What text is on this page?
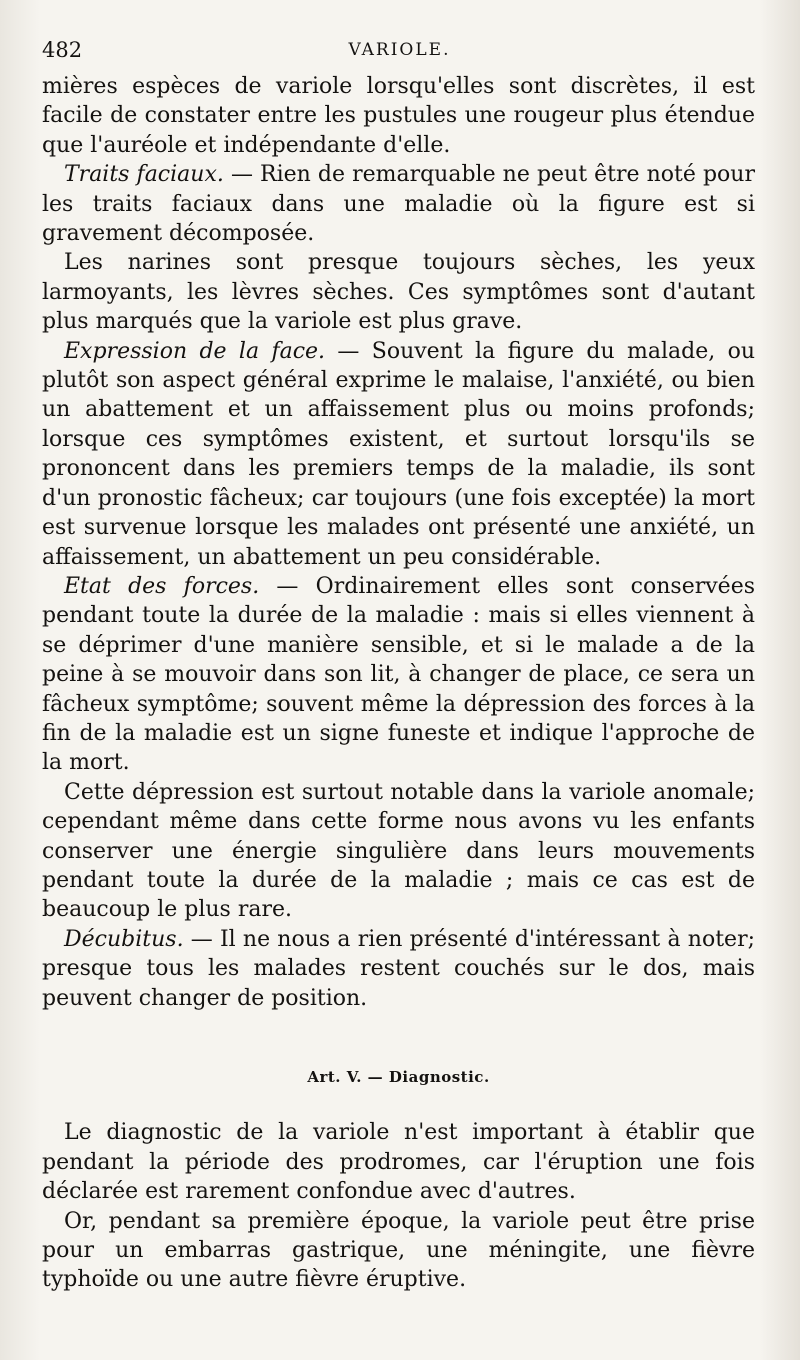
482	VARIOLE.

mières espèces de variole lorsqu'elles sont discrètes, il est facile de constater entre les pustules une rougeur plus étendue que l'auréole et indépendante d'elle.

Traits faciaux. — Rien de remarquable ne peut être noté pour les traits faciaux dans une maladie où la figure est si gravement décomposée.

Les narines sont presque toujours sèches, les yeux larmoyants, les lèvres sèches. Ces symptômes sont d'autant plus marqués que la variole est plus grave.

Expression de la face. — Souvent la figure du malade, ou plutôt son aspect général exprime le malaise, l'anxiété, ou bien un abattement et un affaissement plus ou moins profonds; lorsque ces symptômes existent, et surtout lorsqu'ils se prononcent dans les premiers temps de la maladie, ils sont d'un pronostic fâcheux; car toujours (une fois exceptée) la mort est survenue lorsque les malades ont présenté une anxiété, un affaissement, un abattement un peu considérable.

Etat des forces. — Ordinairement elles sont conservées pendant toute la durée de la maladie : mais si elles viennent à se déprimer d'une manière sensible, et si le malade a de la peine à se mouvoir dans son lit, à changer de place, ce sera un fâcheux symptôme; souvent même la dépression des forces à la fin de la maladie est un signe funeste et indique l'approche de la mort.

Cette dépression est surtout notable dans la variole anomale; cependant même dans cette forme nous avons vu les enfants conserver une énergie singulière dans leurs mouvements pendant toute la durée de la maladie ; mais ce cas est de beaucoup le plus rare.

Décubitus. — Il ne nous a rien présenté d'intéressant à noter; presque tous les malades restent couchés sur le dos, mais peuvent changer de position.

Art. V. — Diagnostic.

Le diagnostic de la variole n'est important à établir que pendant la période des prodromes, car l'éruption une fois déclarée est rarement confondue avec d'autres.

Or, pendant sa première époque, la variole peut être prise pour un embarras gastrique, une méningite, une fièvre typhoïde ou une autre fièvre éruptive.
